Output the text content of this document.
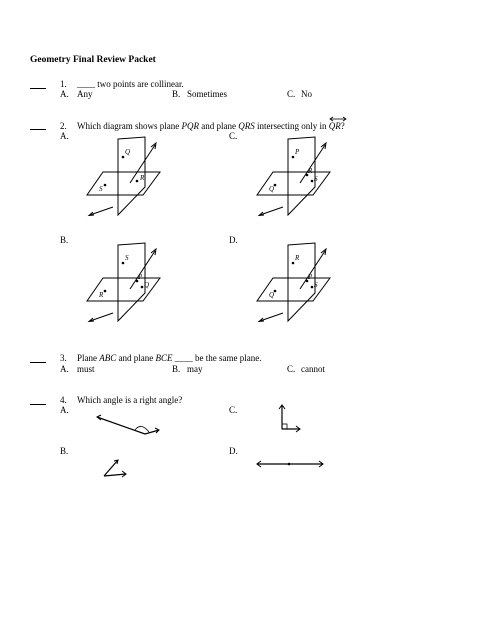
Geometry Final Review Packet
1. ____ two points are collinear.
A. Any	B. Sometimes	C. No
2. Which diagram shows plane PQR and plane QRS intersecting only in QR
?
A.	C.
B.	D.
Q
R
S
P
R
S
Q
S
P
Q
R
R
P
S
Q
3. Plane ABC and plane BCE ____ be the same plane.
A. must	B. may	C. cannot
4. Which angle is a right angle?
A.	C.
B.	D.
